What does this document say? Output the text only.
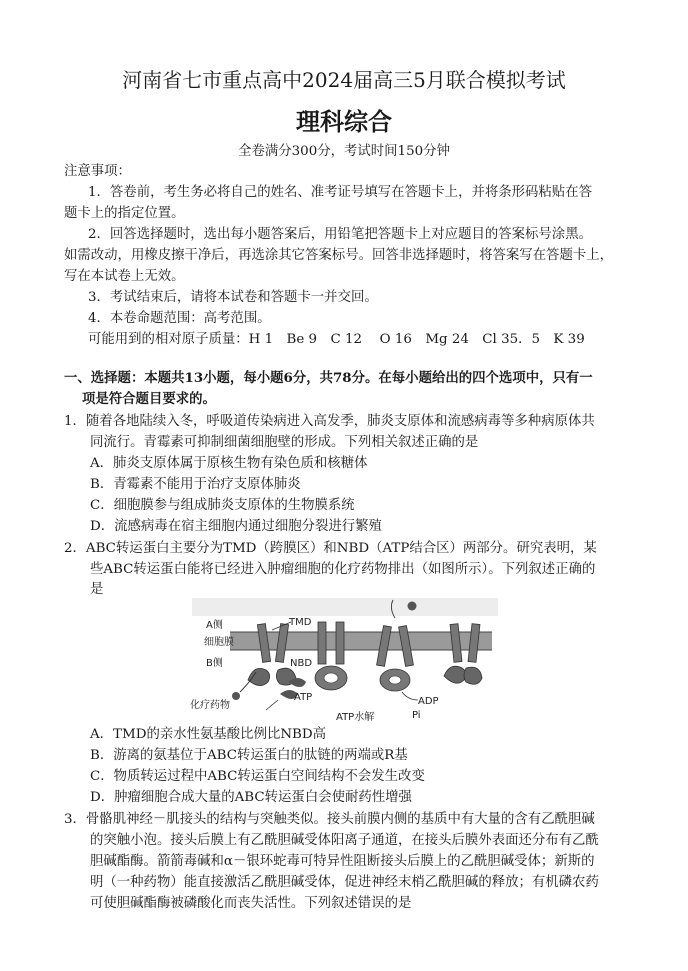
河南省七市重点高中2024届高三5月联合模拟考试
理科综合
全卷满分300分，考试时间150分钟
注意事项：
1．答卷前，考生务必将自己的姓名、准考证号填写在答题卡上，并将条形码粘贴在答
题卡上的指定位置。
2．回答选择题时，选出每小题答案后，用铅笔把答题卡上对应题目的答案标号涂黑。
如需改动，用橡皮擦干净后，再选涂其它答案标号。回答非选择题时，将答案写在答题卡上，
写在本试卷上无效。
3．考试结束后，请将本试卷和答题卡一并交回。
4．本卷命题范围：高考范围。
可能用到的相对原子质量：H 1　Be 9　C 12　 O 16　Mg 24　Cl 35．5　K 39
一、选择题：本题共13小题，每小题6分，共78分。在每小题给出的四个选项中，只有一
项是符合题目要求的。
1．随着各地陆续入冬，呼吸道传染病进入高发季，肺炎支原体和流感病毒等多种病原体共
同流行。青霉素可抑制细菌细胞壁的形成。下列相关叙述正确的是
A．肺炎支原体属于原核生物有染色质和核糖体
B．青霉素不能用于治疗支原体肺炎
C．细胞膜参与组成肺炎支原体的生物膜系统
D．流感病毒在宿主细胞内通过细胞分裂进行繁殖
2．ABC转运蛋白主要分为TMD（跨膜区）和NBD（ATP结合区）两部分。研究表明，某
些ABC转运蛋白能将已经进入肿瘤细胞的化疗药物排出（如图所示）。下列叙述正确的
是
A侧
细胞膜
B侧
TMD
NBD
ATP
ATP水解
ADP
Pi
化疗药物
A．TMD的亲水性氨基酸比例比NBD高
B．游离的氨基位于ABC转运蛋白的肽链的两端或R基
C．物质转运过程中ABC转运蛋白空间结构不会发生改变
D．肿瘤细胞合成大量的ABC转运蛋白会使耐药性增强
3．骨骼肌神经－肌接头的结构与突触类似。接头前膜内侧的基质中有大量的含有乙酰胆碱
的突触小泡。接头后膜上有乙酰胆碱受体阳离子通道，在接头后膜外表面还分布有乙酰
胆碱酯酶。箭箭毒碱和α－银环蛇毒可特异性阻断接头后膜上的乙酰胆碱受体；新斯的
明（一种药物）能直接激活乙酰胆碱受体，促进神经末梢乙酰胆碱的释放；有机磷农药
可使胆碱酯酶被磷酸化而丧失活性。下列叙述错误的是
